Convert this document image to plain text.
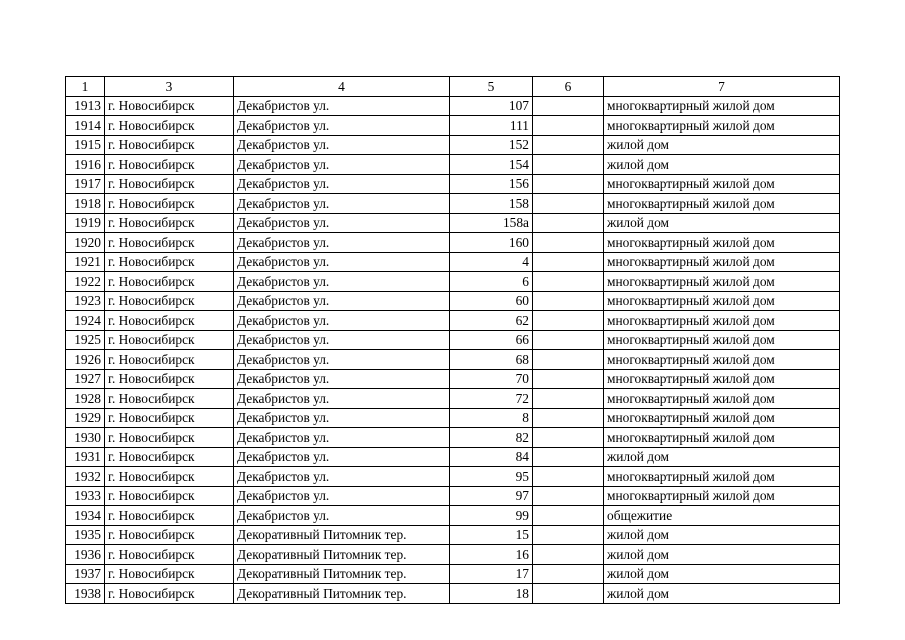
1	3	4	5	6	7
1913	г. Новосибирск	Декабристов ул.	107		многоквартирный жилой дом
1914	г. Новосибирск	Декабристов ул.	111		многоквартирный жилой дом
1915	г. Новосибирск	Декабристов ул.	152		жилой дом
1916	г. Новосибирск	Декабристов ул.	154		жилой дом
1917	г. Новосибирск	Декабристов ул.	156		многоквартирный жилой дом
1918	г. Новосибирск	Декабристов ул.	158		многоквартирный жилой дом
1919	г. Новосибирск	Декабристов ул.	158а		жилой дом
1920	г. Новосибирск	Декабристов ул.	160		многоквартирный жилой дом
1921	г. Новосибирск	Декабристов ул.	4		многоквартирный жилой дом
1922	г. Новосибирск	Декабристов ул.	6		многоквартирный жилой дом
1923	г. Новосибирск	Декабристов ул.	60		многоквартирный жилой дом
1924	г. Новосибирск	Декабристов ул.	62		многоквартирный жилой дом
1925	г. Новосибирск	Декабристов ул.	66		многоквартирный жилой дом
1926	г. Новосибирск	Декабристов ул.	68		многоквартирный жилой дом
1927	г. Новосибирск	Декабристов ул.	70		многоквартирный жилой дом
1928	г. Новосибирск	Декабристов ул.	72		многоквартирный жилой дом
1929	г. Новосибирск	Декабристов ул.	8		многоквартирный жилой дом
1930	г. Новосибирск	Декабристов ул.	82		многоквартирный жилой дом
1931	г. Новосибирск	Декабристов ул.	84		жилой дом
1932	г. Новосибирск	Декабристов ул.	95		многоквартирный жилой дом
1933	г. Новосибирск	Декабристов ул.	97		многоквартирный жилой дом
1934	г. Новосибирск	Декабристов ул.	99		общежитие
1935	г. Новосибирск	Декоративный Питомник тер.	15		жилой дом
1936	г. Новосибирск	Декоративный Питомник тер.	16		жилой дом
1937	г. Новосибирск	Декоративный Питомник тер.	17		жилой дом
1938	г. Новосибирск	Декоративный Питомник тер.	18		жилой дом
